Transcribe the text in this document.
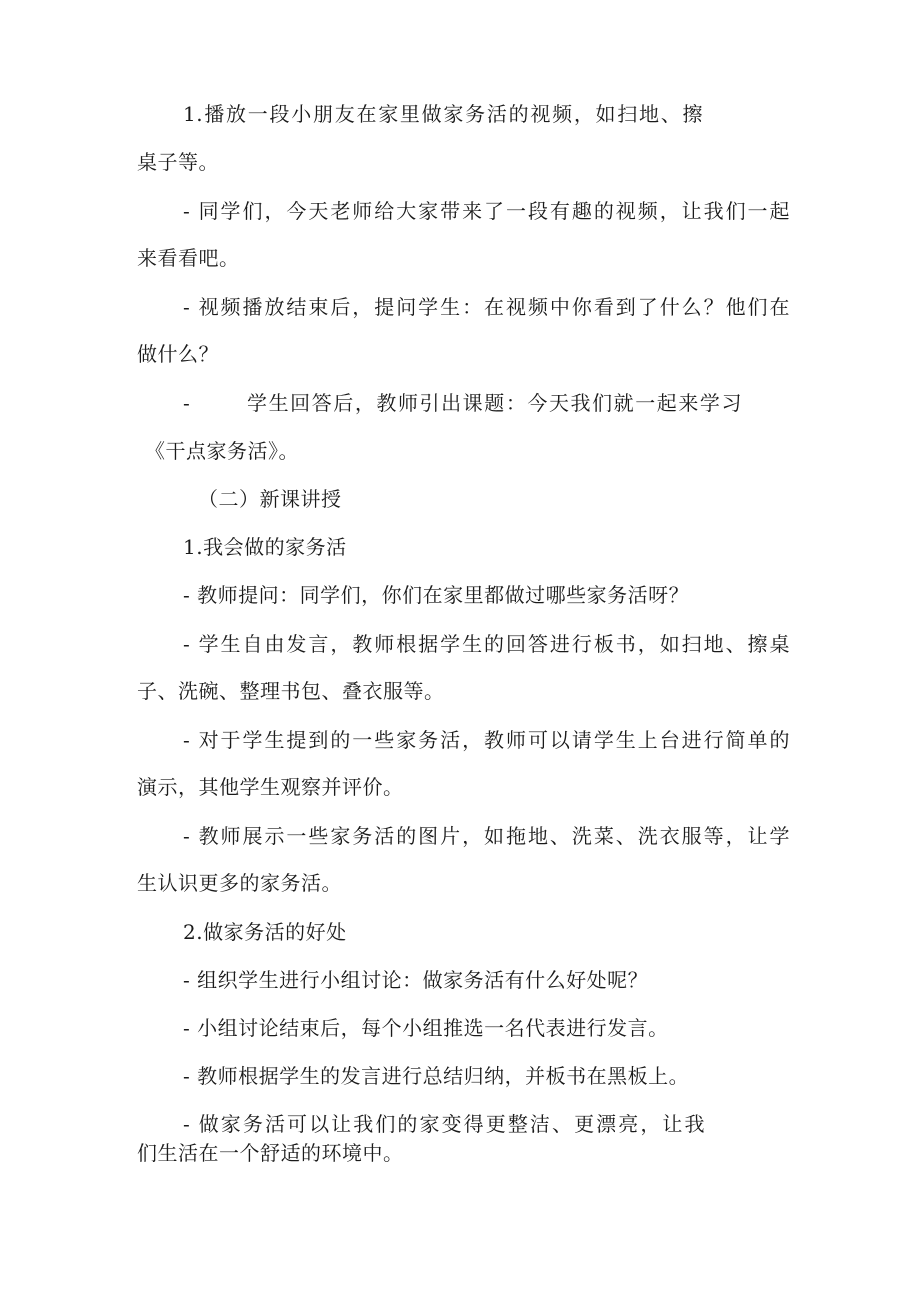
1.播放一段小朋友在家里做家务活的视频，如扫地、擦
桌子等。
- 同学们，今天老师给大家带来了一段有趣的视频，让我们一起
来看看吧。
- 视频播放结束后，提问学生：在视频中你看到了什么？他们在
做什么？
-	学生回答后，教师引出课题：今天我们就一起来学习
《干点家务活》。
（二）新课讲授
1.我会做的家务活
- 教师提问：同学们，你们在家里都做过哪些家务活呀？
- 学生自由发言，教师根据学生的回答进行板书，如扫地、擦桌
子、洗碗、整理书包、叠衣服等。
- 对于学生提到的一些家务活，教师可以请学生上台进行简单的
演示，其他学生观察并评价。
- 教师展示一些家务活的图片，如拖地、洗菜、洗衣服等，让学
生认识更多的家务活。
2.做家务活的好处
- 组织学生进行小组讨论：做家务活有什么好处呢？
- 小组讨论结束后，每个小组推选一名代表进行发言。
- 教师根据学生的发言进行总结归纳，并板书在黑板上。
- 做家务活可以让我们的家变得更整洁、更漂亮，让我
们生活在一个舒适的环境中。
